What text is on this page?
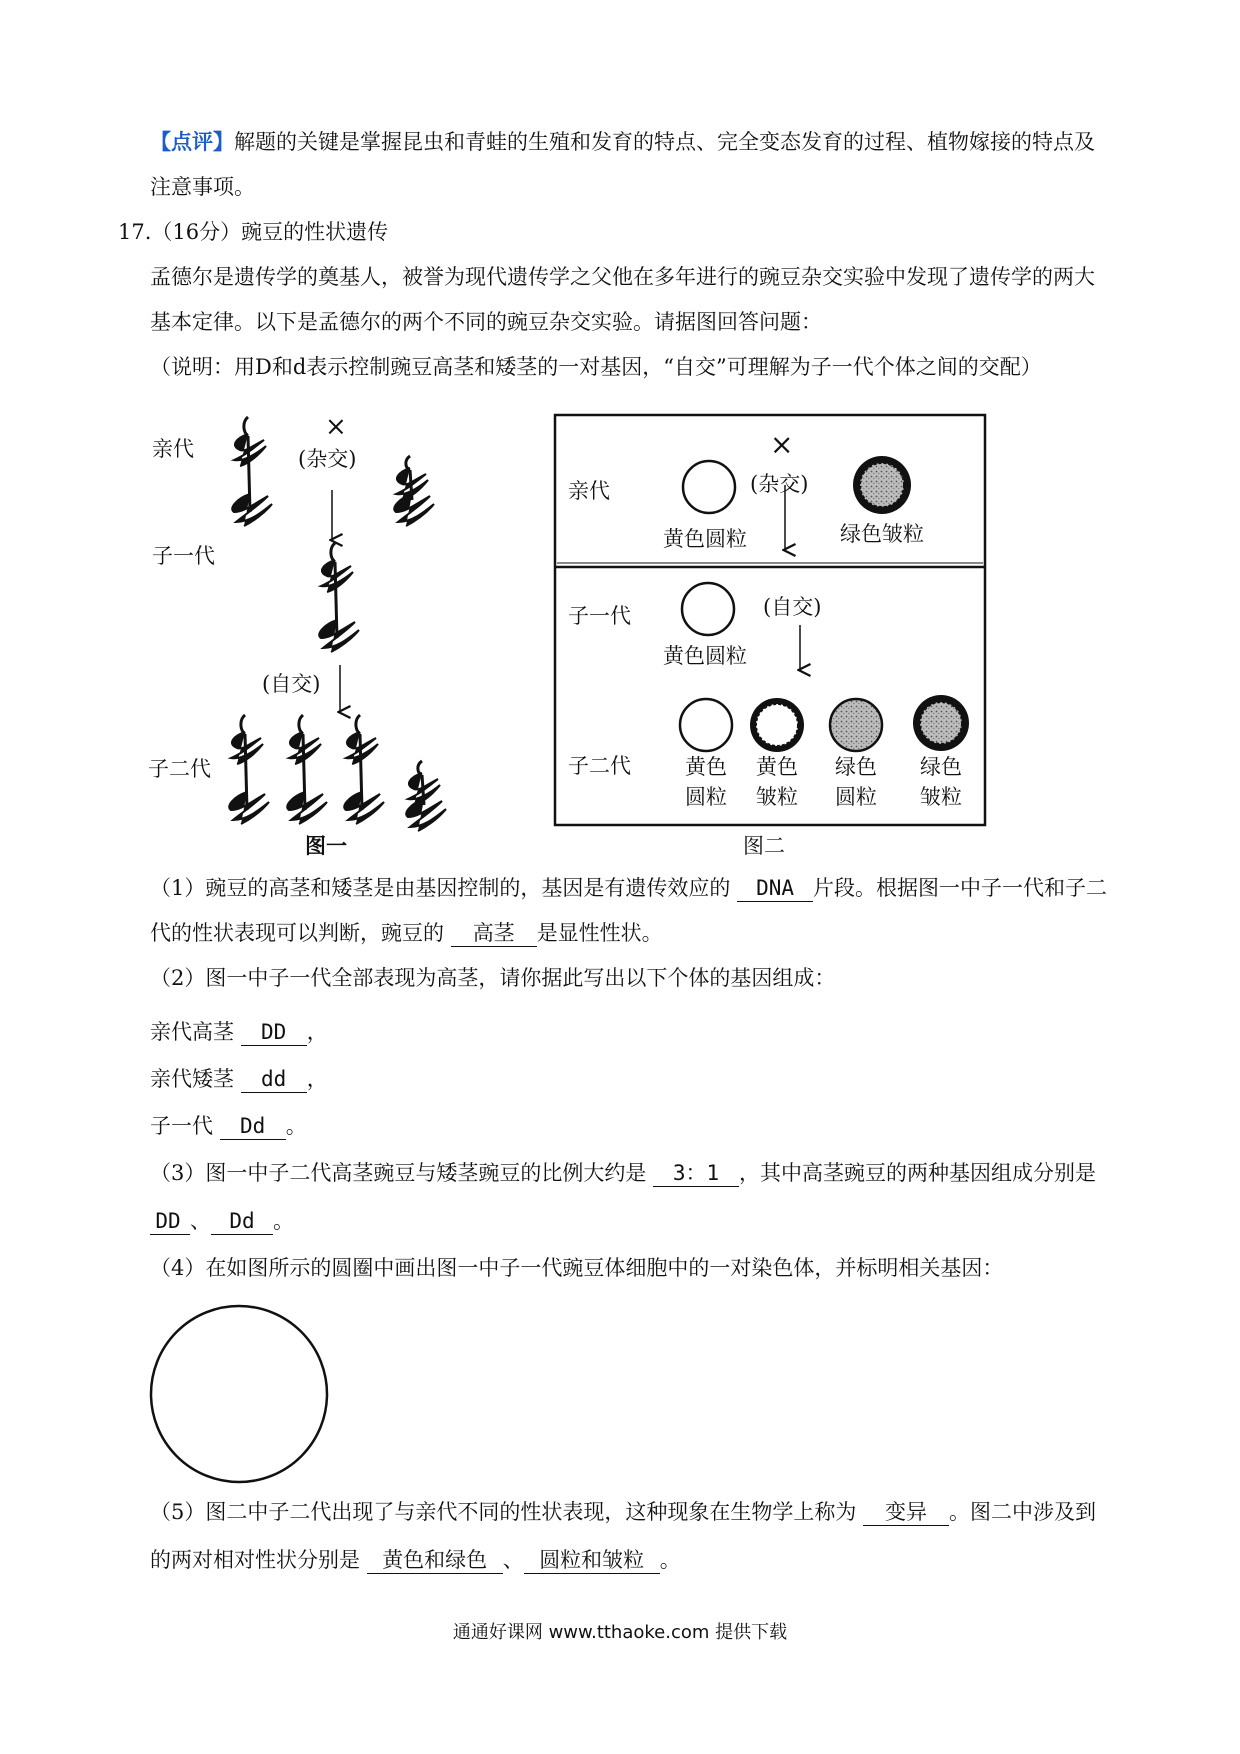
【点评】解题的关键是掌握昆虫和青蛙的生殖和发育的特点、完全变态发育的过程、植物嫁接的特点及
注意事项。
17.（16分）豌豆的性状遗传
孟德尔是遗传学的奠基人，被誉为现代遗传学之父他在多年进行的豌豆杂交实验中发现了遗传学的两大
基本定律。以下是孟德尔的两个不同的豌豆杂交实验。请据图回答问题：
（说明：用D和d表示控制豌豆高茎和矮茎的一对基因，“自交”可理解为子一代个体之间的交配）
亲代
×
(杂交)
子一代
(自交)
子二代
图一
亲代
×
(杂交)
黄色圆粒	绿色皱粒
子一代
黄色圆粒
(自交)
子二代	黄色
圆粒
黄色
皱粒
绿色
圆粒
绿色
皱粒
图二
（1）豌豆的高茎和矮茎是由基因控制的，基因是有遗传效应的 DNA 片段。根据图一中子一代和子二
代的性状表现可以判断，豌豆的 高茎 是显性性状。
（2）图一中子一代全部表现为高茎，请你据此写出以下个体的基因组成：
亲代高茎 DD ，
亲代矮茎 dd ，
子一代 Dd 。
（3）图一中子二代高茎豌豆与矮茎豌豆的比例大约是 3：1 ，其中高茎豌豆的两种基因组成分别是
DD 、 Dd 。
（4）在如图所示的圆圈中画出图一中子一代豌豆体细胞中的一对染色体，并标明相关基因：
（5）图二中子二代出现了与亲代不同的性状表现，这种现象在生物学上称为 变异 。图二中涉及到
的两对相对性状分别是 黄色和绿色 、 圆粒和皱粒 。
通通好课网 www.tthaoke.com 提供下载
